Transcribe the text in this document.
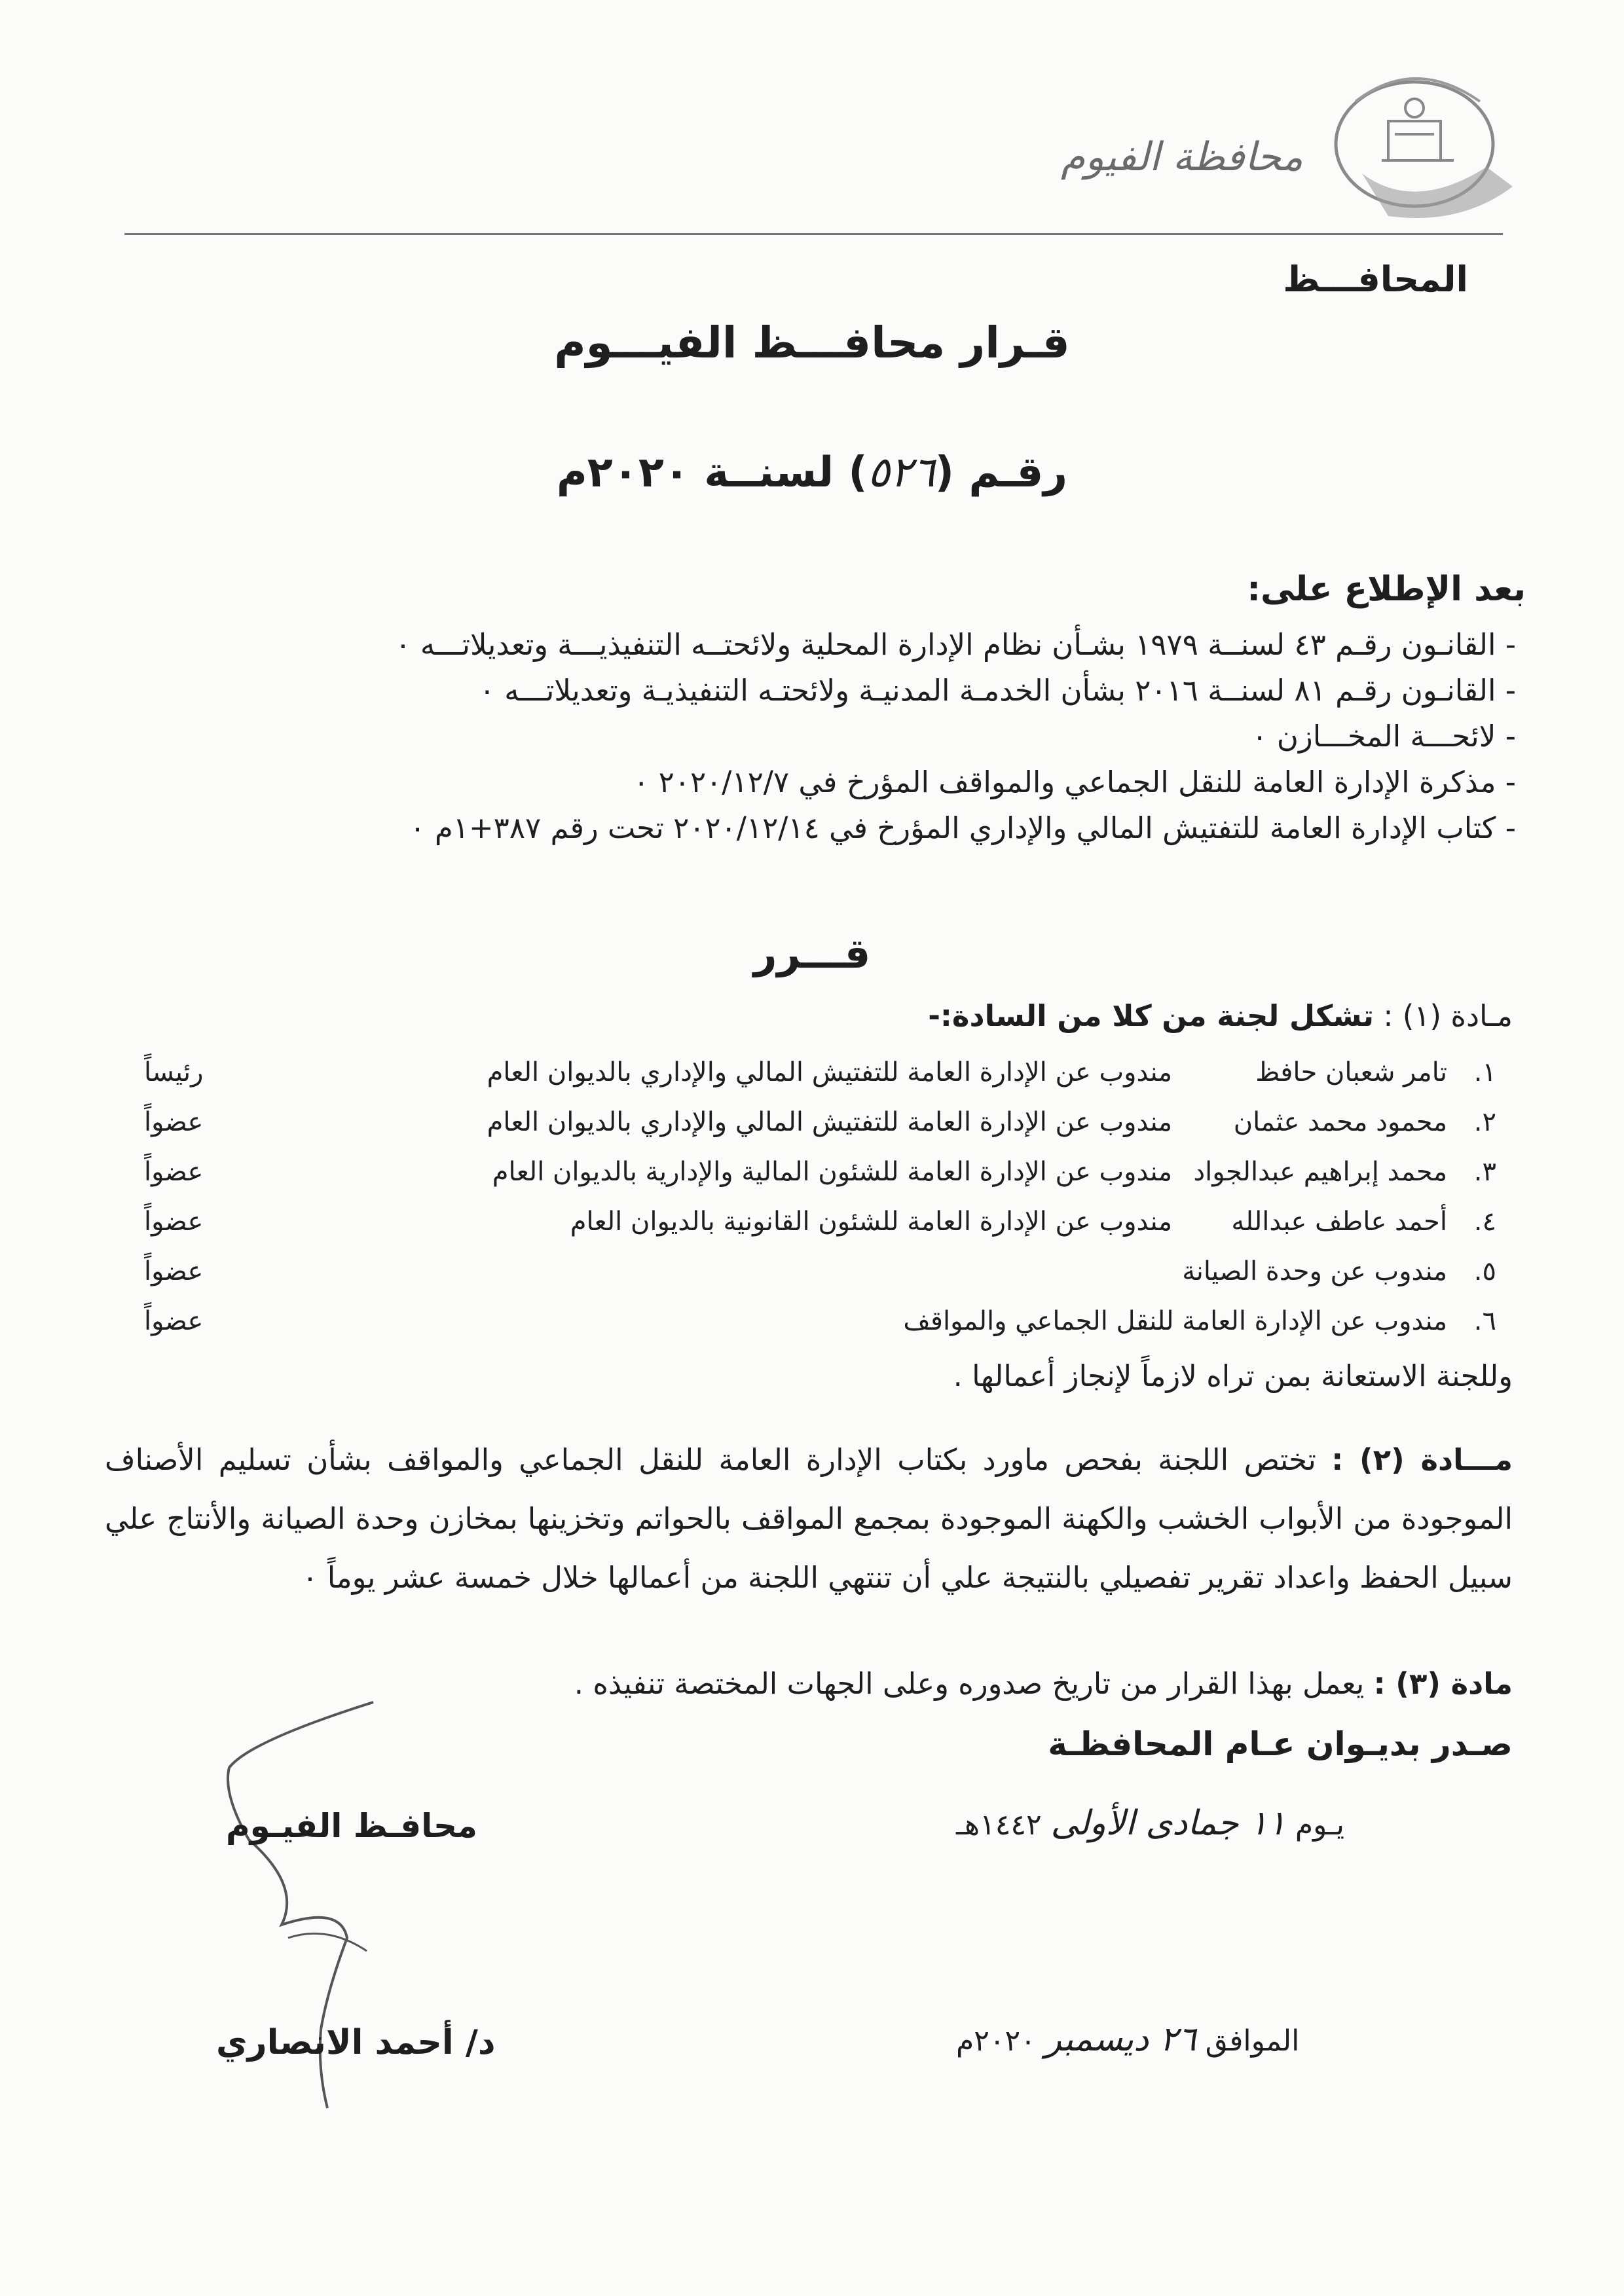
محافظة الفيوم
المحافـــظ
قـرار محافـــظ الفيـــوم
رقـم (٥٢٦) لسنــة ٢٠٢٠م
بعد الإطلاع على:
- القانـون رقـم ٤٣ لسنــة ١٩٧٩ بشـأن نظام الإدارة المحلية ولائحتــه التنفيذيـــة وتعديلاتـــه ٠
- القانـون رقـم ٨١ لسنــة ٢٠١٦ بشأن الخدمـة المدنيـة ولائحتـه التنفيذيـة وتعديلاتـــه ٠
- لائحـــة المخـــازن ٠
- مذكرة الإدارة العامة للنقل الجماعي والمواقف المؤرخ في ٢٠٢٠/١٢/٧ ٠
- كتاب الإدارة العامة للتفتيش المالي والإداري المؤرخ في ٢٠٢٠/١٢/١٤ تحت رقم ٣٨٧+١م ٠
قـــرر
مـادة (١) : تشكل لجنة من كلا من السادة:-
١.	تامر شعبان حافظ	مندوب عن الإدارة العامة للتفتيش المالي والإداري بالديوان العام	رئيساً
٢.	محمود محمد عثمان	مندوب عن الإدارة العامة للتفتيش المالي والإداري بالديوان العام	عضواً
٣.	محمد إبراهيم عبدالجواد	مندوب عن الإدارة العامة للشئون المالية والإدارية بالديوان العام	عضواً
٤.	أحمد عاطف عبدالله	مندوب عن الإدارة العامة للشئون القانونية بالديوان العام	عضواً
٥.	مندوب عن وحدة الصيانة		عضواً
٦.	مندوب عن الإدارة العامة للنقل الجماعي والمواقف		عضواً
وللجنة الاستعانة بمن تراه لازماً لإنجاز أعمالها .
مـــادة (٢) : تختص اللجنة بفحص ماورد بكتاب الإدارة العامة للنقل الجماعي والمواقف بشأن تسليم الأصناف الموجودة من الأبواب الخشب والكهنة الموجودة بمجمع المواقف بالحواتم وتخزينها بمخازن وحدة الصيانة والأنتاج علي سبيل الحفظ واعداد تقرير تفصيلي بالنتيجة علي أن تنتهي اللجنة من أعمالها خلال خمسة عشر يوماً ٠
مادة (٣) : يعمل بهذا القرار من تاريخ صدوره وعلى الجهات المختصة تنفيذه .
صـدر بديـوان عـام المحافظـة
محافـظ الفيـوم
د/ أحمد الانصاري
يـوم ١١ جمادى الأولى ١٤٤٢هـ
الموافق ٢٦ ديسمبر ٢٠٢٠م
